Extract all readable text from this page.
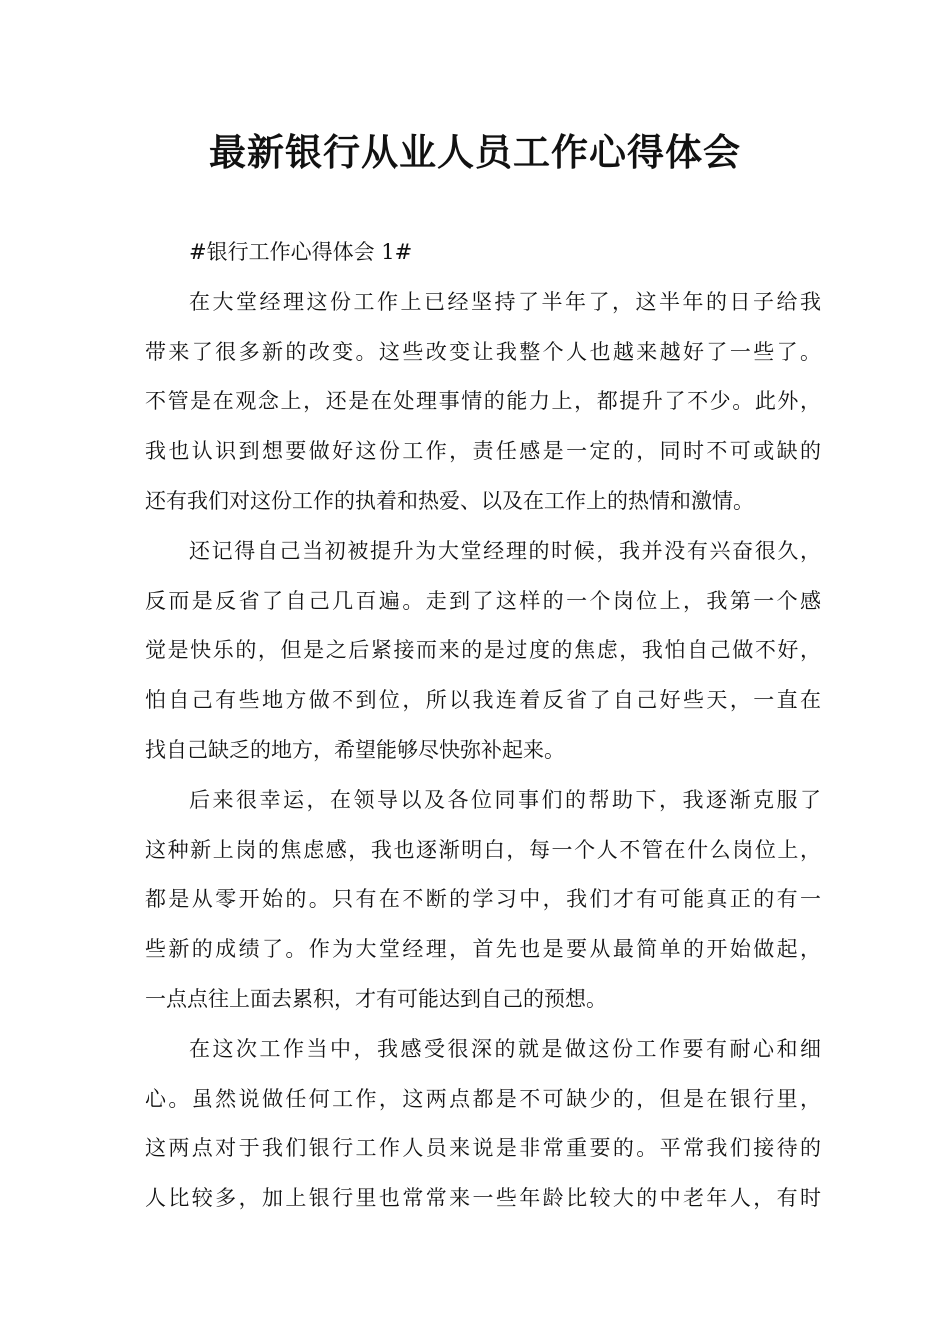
最新银行从业人员工作心得体会
#银行工作心得体会 1#
在大堂经理这份工作上已经坚持了半年了，这半年的日子给我
带来了很多新的改变。这些改变让我整个人也越来越好了一些了。
不管是在观念上，还是在处理事情的能力上，都提升了不少。此外，
我也认识到想要做好这份工作，责任感是一定的，同时不可或缺的
还有我们对这份工作的执着和热爱、以及在工作上的热情和激情。
还记得自己当初被提升为大堂经理的时候，我并没有兴奋很久，
反而是反省了自己几百遍。走到了这样的一个岗位上，我第一个感
觉是快乐的，但是之后紧接而来的是过度的焦虑，我怕自己做不好，
怕自己有些地方做不到位，所以我连着反省了自己好些天，一直在
找自己缺乏的地方，希望能够尽快弥补起来。
后来很幸运，在领导以及各位同事们的帮助下，我逐渐克服了
这种新上岗的焦虑感，我也逐渐明白，每一个人不管在什么岗位上，
都是从零开始的。只有在不断的学习中，我们才有可能真正的有一
些新的成绩了。作为大堂经理，首先也是要从最简单的开始做起，
一点点往上面去累积，才有可能达到自己的预想。
在这次工作当中，我感受很深的就是做这份工作要有耐心和细
心。虽然说做任何工作，这两点都是不可缺少的，但是在银行里，
这两点对于我们银行工作人员来说是非常重要的。平常我们接待的
人比较多，加上银行里也常常来一些年龄比较大的中老年人，有时
